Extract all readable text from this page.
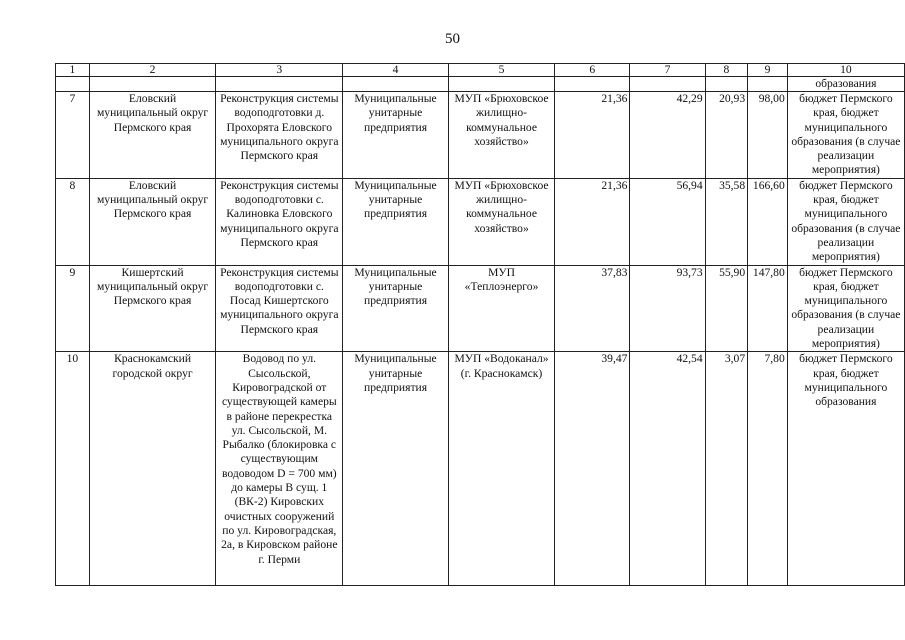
50
1	2	3	4	5	6	7	8	9	10
									образования
7	Еловский муниципальный округ Пермского края	Реконструкция системы водоподготовки д. Прохорята Еловского муниципального округа Пермского края	Муниципальные унитарные предприятия	МУП «Брюховское жилищно-коммунальное хозяйство»	21,36	42,29	20,93	98,00	бюджет Пермского края, бюджет муниципального образования (в случае реализации мероприятия)
8	Еловский муниципальный округ Пермского края	Реконструкция системы водоподготовки с. Калиновка Еловского муниципального округа Пермского края	Муниципальные унитарные предприятия	МУП «Брюховское жилищно-коммунальное хозяйство»	21,36	56,94	35,58	166,60	бюджет Пермского края, бюджет муниципального образования (в случае реализации мероприятия)
9	Кишертский муниципальный округ Пермского края	Реконструкция системы водоподготовки с. Посад Кишертского муниципального округа Пермского края	Муниципальные унитарные предприятия	МУП «Теплоэнерго»	37,83	93,73	55,90	147,80	бюджет Пермского края, бюджет муниципального образования (в случае реализации мероприятия)
10	Краснокамский городской округ	Водовод по ул. Сысольской, Кировоградской от существующей камеры в районе перекрестка ул. Сысольской, М. Рыбалко (блокировка с существующим водоводом D = 700 мм) до камеры В сущ. 1 (ВК-2) Кировских очистных сооружений по ул. Кировоградская, 2а, в Кировском районе г. Перми	Муниципальные унитарные предприятия	МУП «Водоканал» (г. Краснокамск)	39,47	42,54	3,07	7,80	бюджет Пермского края, бюджет муниципального образования
